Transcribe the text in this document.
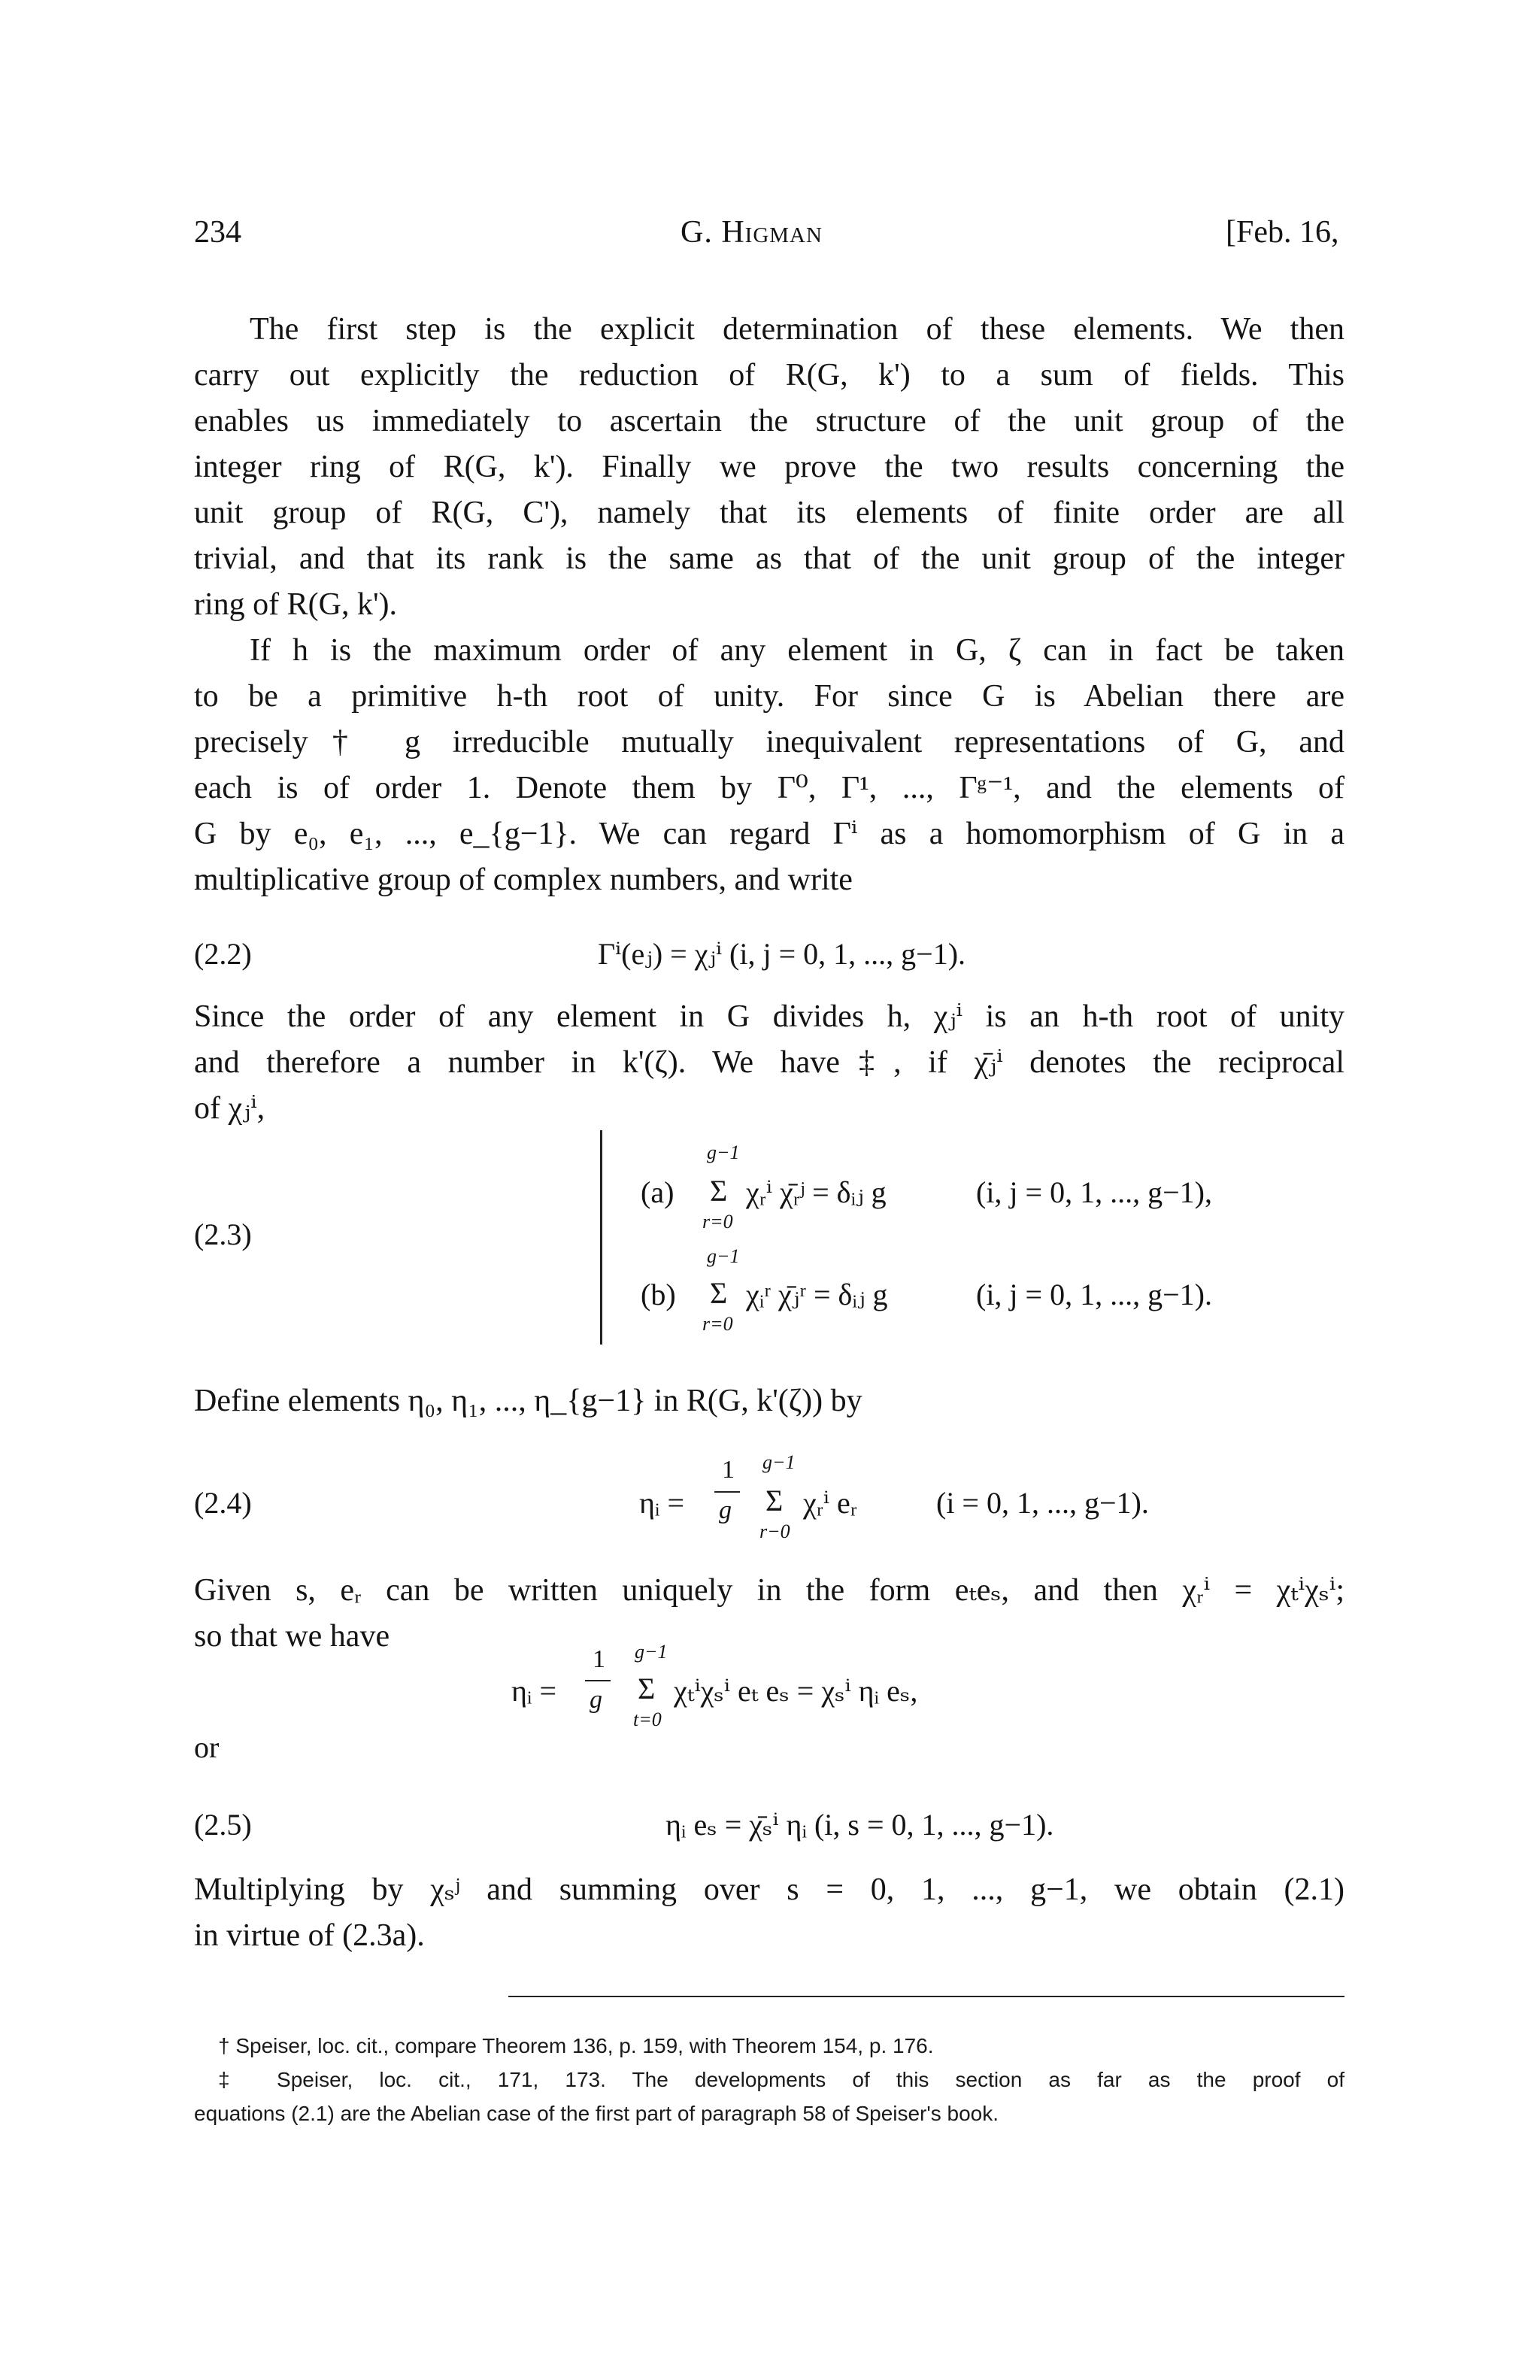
234	G. Higman	[Feb. 16,
The first step is the explicit determination of these elements. We then
carry out explicitly the reduction of R(G, k') to a sum of fields. This
enables us immediately to ascertain the structure of the unit group of the
integer ring of R(G, k'). Finally we prove the two results concerning the
unit group of R(G, C'), namely that its elements of finite order are all
trivial, and that its rank is the same as that of the unit group of the integer
ring of R(G, k').
If h is the maximum order of any element in G, ζ can in fact be taken
to be a primitive h-th root of unity. For since G is Abelian there are
precisely† g irreducible mutually inequivalent representations of G, and
each is of order 1. Denote them by Γ⁰, Γ¹, ..., Γᵍ⁻¹, and the elements of
G by e₀, e₁, ..., e_{g−1}. We can regard Γⁱ as a homomorphism of G in a
multiplicative group of complex numbers, and write
(2.2)	Γⁱ(eⱼ) = χⱼⁱ (i, j = 0, 1, ..., g−1).
Since the order of any element in G divides h, χⱼⁱ is an h-th root of unity
and therefore a number in k'(ζ). We have‡, if χ̄ⱼⁱ denotes the reciprocal
of χⱼⁱ,
(2.3)
(a)
g−1
Σ
r=0
χᵣⁱ χ̄ᵣʲ = δᵢⱼ g	(i, j = 0, 1, ..., g−1),
(b)
g−1
Σ
r=0
χᵢʳ χ̄ⱼʳ = δᵢⱼ g	(i, j = 0, 1, ..., g−1).
Define elements η₀, η₁, ..., η_{g−1} in R(G, k'(ζ)) by
(2.4)	ηᵢ =
1
g
g−1
Σ
r−0
χᵣⁱ eᵣ	(i = 0, 1, ..., g−1).
Given s, eᵣ can be written uniquely in the form eₜeₛ, and then χᵣⁱ = χₜⁱχₛⁱ;
so that we have
ηᵢ =
1
g
g−1
Σ
t=0
χₜⁱχₛⁱ eₜ eₛ = χₛⁱ ηᵢ eₛ,
or
(2.5)	ηᵢ eₛ = χ̄ₛⁱ ηᵢ (i, s = 0, 1, ..., g−1).
Multiplying by χₛʲ and summing over s = 0, 1, ..., g−1, we obtain (2.1)
in virtue of (2.3a).
† Speiser, loc. cit., compare Theorem 136, p. 159, with Theorem 154, p. 176.
‡ Speiser, loc. cit., 171, 173. The developments of this section as far as the proof of
equations (2.1) are the Abelian case of the first part of paragraph 58 of Speiser's book.
